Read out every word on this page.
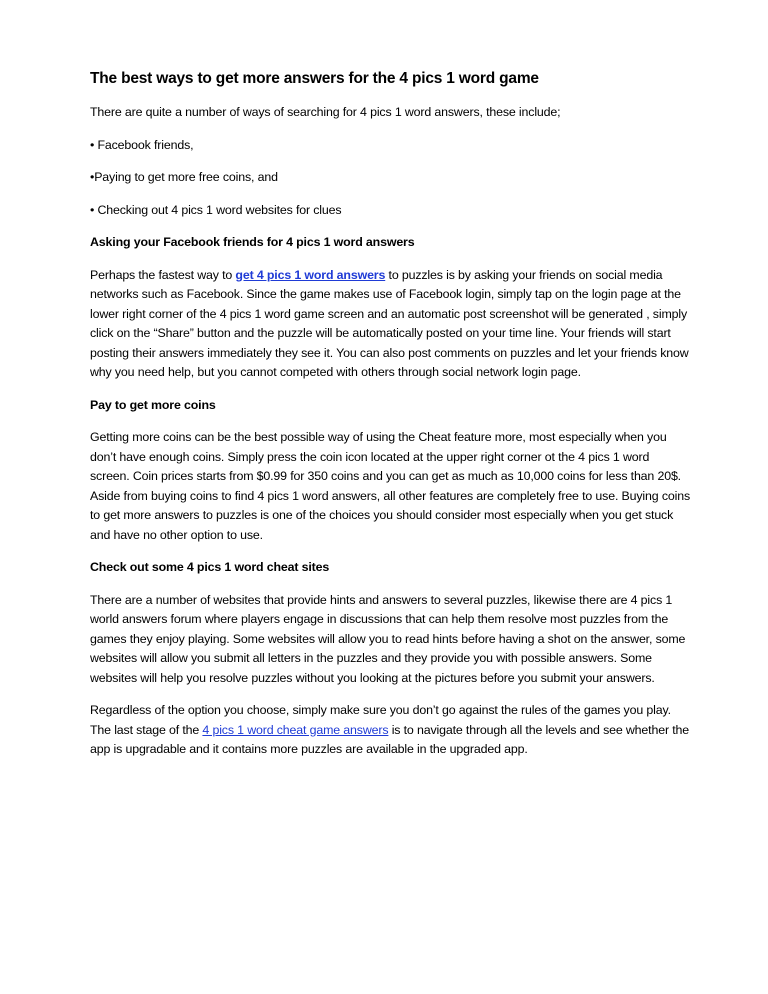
The best ways to get more answers for the 4 pics 1 word game

There are quite a number of ways of searching for 4 pics 1 word answers, these include;

• Facebook friends,

•Paying to get more free coins, and

• Checking out 4 pics 1 word websites for clues

Asking your Facebook friends for 4 pics 1 word answers

Perhaps the fastest way to get 4 pics 1 word answers to puzzles is by asking your friends on social media networks such as Facebook. Since the game makes use of Facebook login, simply tap on the login page at the lower right corner of the 4 pics 1 word game screen and an automatic post screenshot will be generated , simply click on the “Share” button and the puzzle will be automatically posted on your time line. Your friends will start posting their answers immediately they see it. You can also post comments on puzzles and let your friends know why you need help, but you cannot competed with others through social network login page.

Pay to get more coins

Getting more coins can be the best possible way of using the Cheat feature more, most especially when you don’t have enough coins. Simply press the coin icon located at the upper right corner ot the 4 pics 1 word screen. Coin prices starts from $0.99 for 350 coins and you can get as much as 10,000 coins for less than 20$. Aside from buying coins to find 4 pics 1 word answers, all other features are completely free to use. Buying coins to get more answers to puzzles is one of the choices you should consider most especially when you get stuck and have no other option to use.

Check out some 4 pics 1 word cheat sites

There are a number of websites that provide hints and answers to several puzzles, likewise there are 4 pics 1 world answers forum where players engage in discussions that can help them resolve most puzzles from the games they enjoy playing. Some websites will allow you to read hints before having a shot on the answer, some websites will allow you submit all letters in the puzzles and they provide you with possible answers. Some websites will help you resolve puzzles without you looking at the pictures before you submit your answers.

Regardless of the option you choose, simply make sure you don’t go against the rules of the games you play. The last stage of the 4 pics 1 word cheat game answers is to navigate through all the levels and see whether the app is upgradable and it contains more puzzles are available in the upgraded app.
